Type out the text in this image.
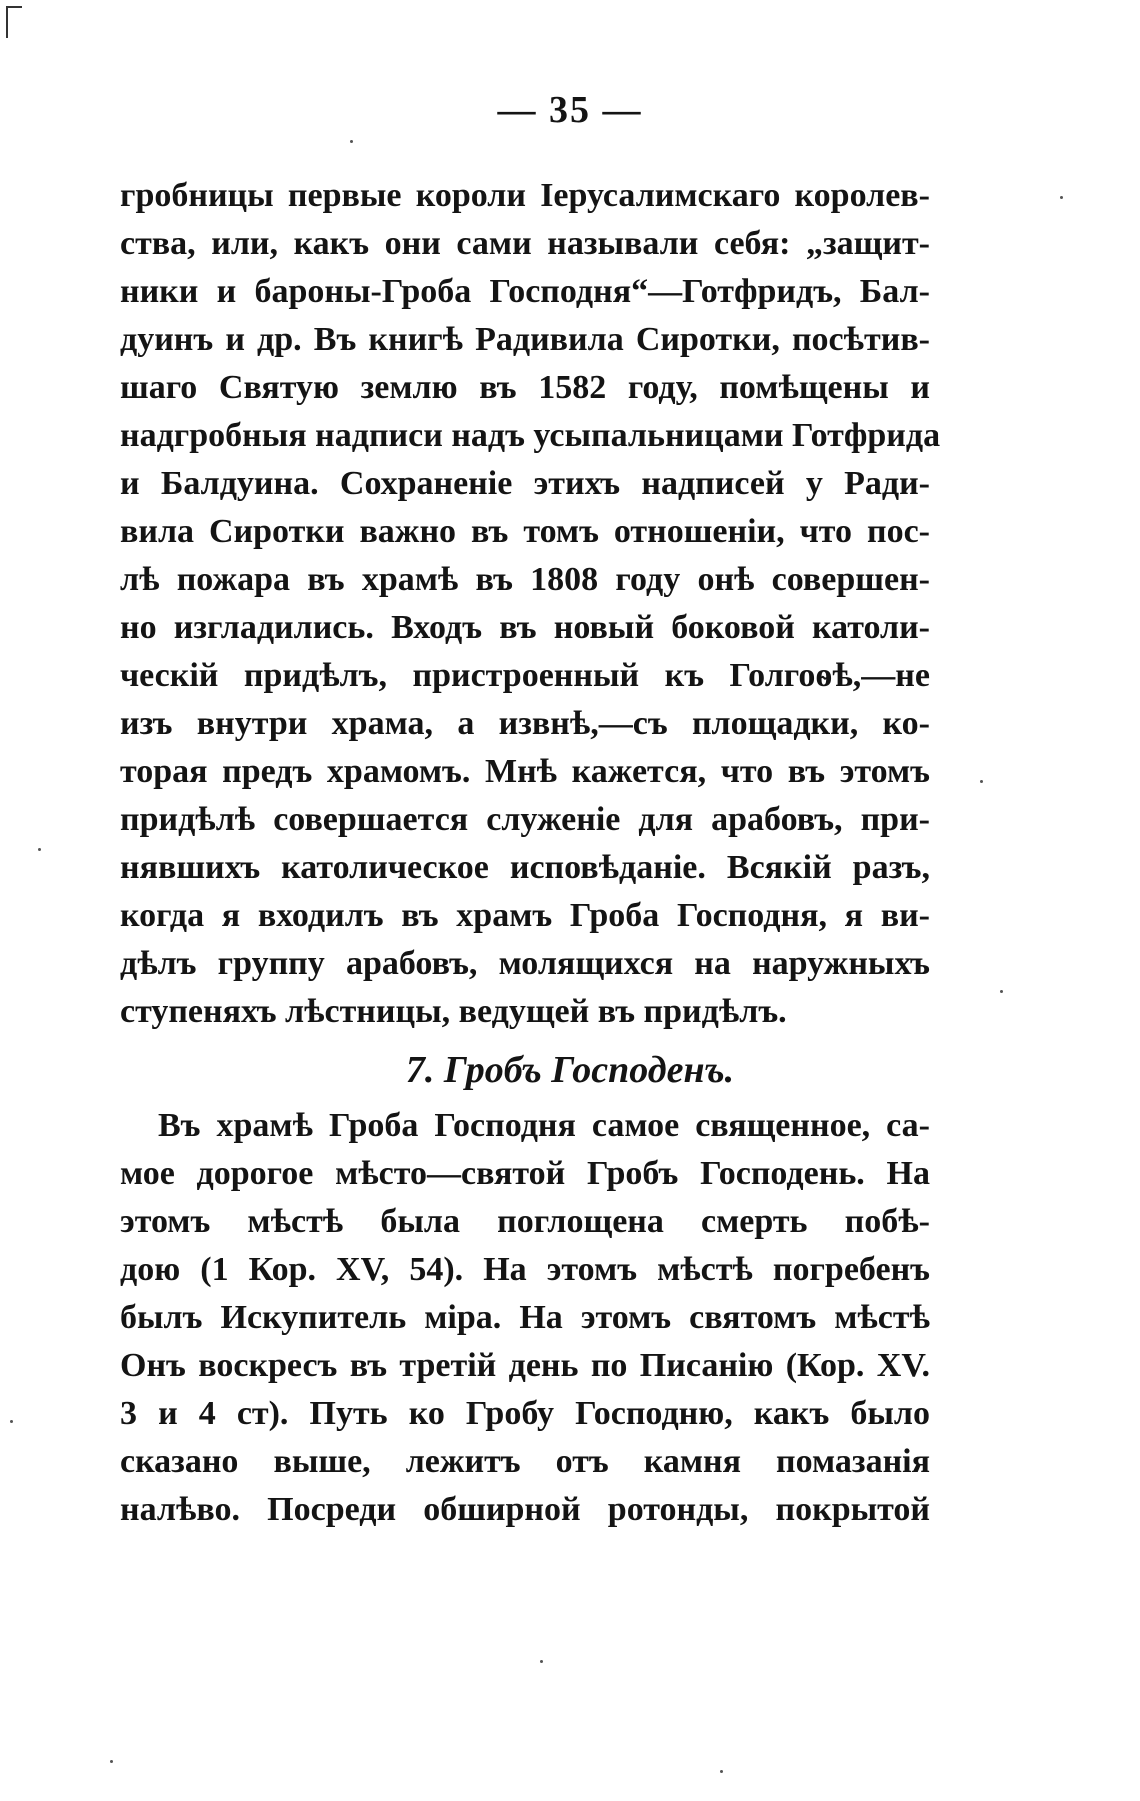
— 35 —
гробницы первые короли Іерусалимскаго королев-
ства, или, какъ они сами называли себя: „защит-
ники и бароны-Гроба Господня“—Готфридъ, Бал-
дуинъ и др. Въ книгѣ Радивила Сиротки, посѣтив-
шаго Святую землю въ 1582 году, помѣщены и
надгробныя надписи надъ усыпальницами Готфрида
и Балдуина. Сохраненіе этихъ надписей у Ради-
вила Сиротки важно въ томъ отношеніи, что пос-
лѣ пожара въ храмѣ въ 1808 году онѣ совершен-
но изгладились. Входъ въ новый боковой католи-
ческій придѣлъ, пристроенный къ Голгоѳѣ,—не
изъ внутри храма, а извнѣ,—съ площадки, ко-
торая предъ храмомъ. Мнѣ кажется, что въ этомъ
придѣлѣ совершается служеніе для арабовъ, при-
нявшихъ католическое исповѣданіе. Всякій разъ,
когда я входилъ въ храмъ Гроба Господня, я ви-
дѣлъ группу арабовъ, молящихся на наружныхъ
ступеняхъ лѣстницы, ведущей въ придѣлъ.
7. Гробъ Господенъ.
Въ храмѣ Гроба Господня самое священное, са-
мое дорогое мѣсто—святой Гробъ Господень. На
этомъ мѣстѣ была поглощена смерть побѣ-
дою (1 Кор. XV, 54). На этомъ мѣстѣ погребенъ
былъ Искупитель міра. На этомъ святомъ мѣстѣ
Онъ воскресъ въ третій день по Писанію (Кор. XV.
3 и 4 ст). Путь ко Гробу Господню, какъ было
сказано выше, лежитъ отъ камня помазанія
налѣво. Посреди обширной ротонды, покрытой
